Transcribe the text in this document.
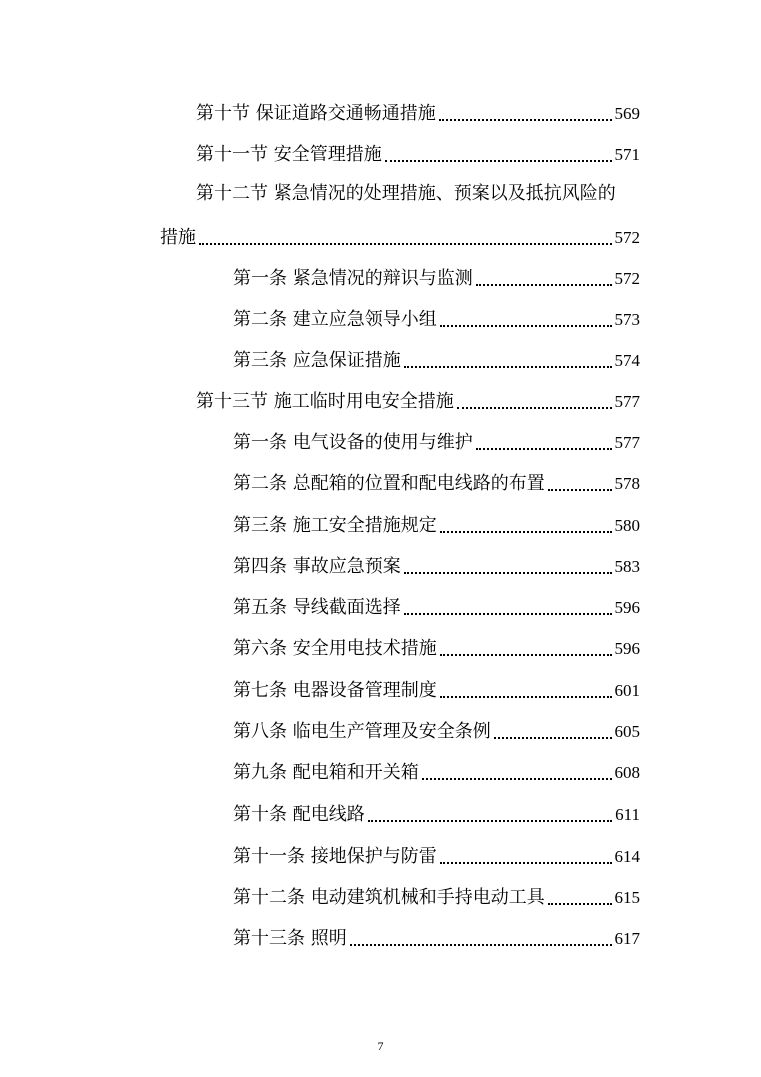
第十节 保证道路交通畅通措施	569
第十一节 安全管理措施	571
第十二节 紧急情况的处理措施、预案以及抵抗风险的
措施	572
第一条 紧急情况的辩识与监测	572
第二条 建立应急领导小组	573
第三条 应急保证措施	574
第十三节 施工临时用电安全措施	577
第一条 电气设备的使用与维护	577
第二条 总配箱的位置和配电线路的布置	578
第三条 施工安全措施规定	580
第四条 事故应急预案	583
第五条 导线截面选择	596
第六条 安全用电技术措施	596
第七条 电器设备管理制度	601
第八条 临电生产管理及安全条例	605
第九条 配电箱和开关箱	608
第十条 配电线路	611
第十一条 接地保护与防雷	614
第十二条 电动建筑机械和手持电动工具	615
第十三条 照明	617
7
